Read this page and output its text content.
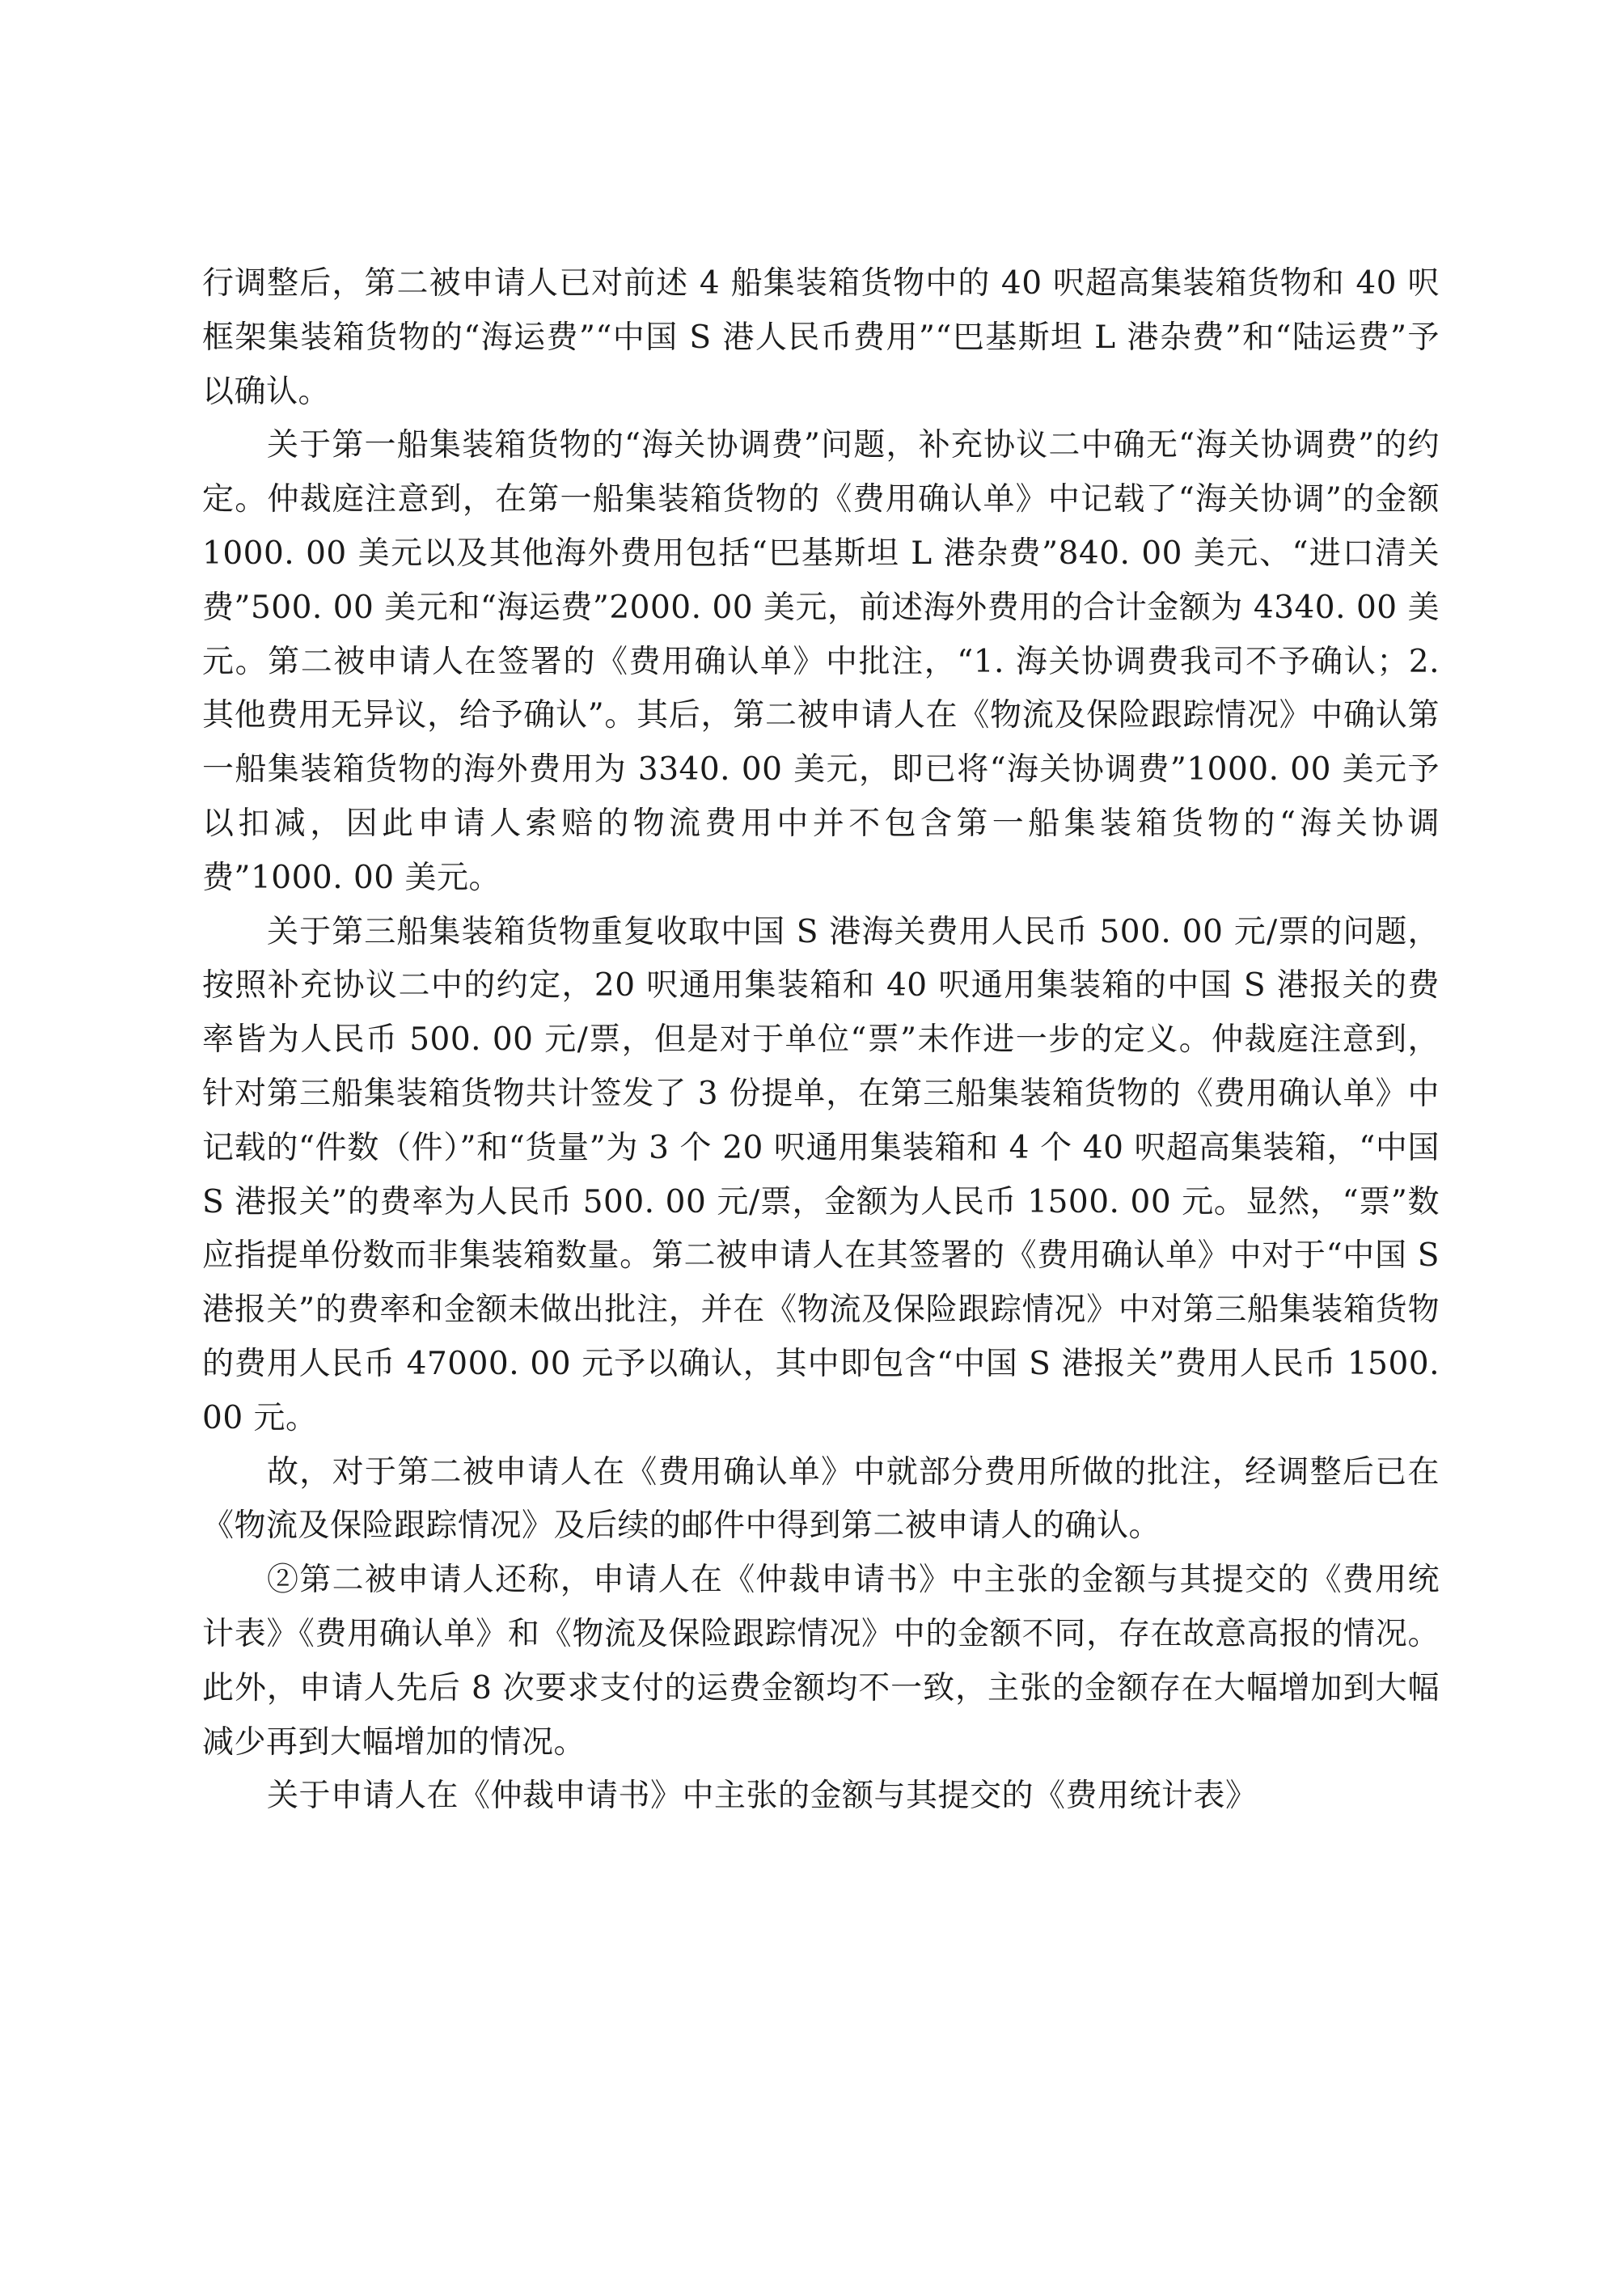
行调整后，第二被申请人已对前述 4 船集装箱货物中的 40 呎超高集装箱货物和 40 呎框架集装箱货物的“海运费”“中国 S 港人民币费用”“巴基斯坦 L 港杂费”和“陆运费”予以确认。

关于第一船集装箱货物的“海关协调费”问题，补充协议二中确无“海关协调费”的约定。仲裁庭注意到，在第一船集装箱货物的《费用确认单》中记载了“海关协调”的金额 1000. 00 美元以及其他海外费用包括“巴基斯坦 L 港杂费”840. 00 美元、“进口清关费”500. 00 美元和“海运费”2000. 00 美元，前述海外费用的合计金额为 4340. 00 美元。第二被申请人在签署的《费用确认单》中批注，“1. 海关协调费我司不予确认；2. 其他费用无异议，给予确认”。其后，第二被申请人在《物流及保险跟踪情况》中确认第一船集装箱货物的海外费用为 3340. 00 美元，即已将“海关协调费”1000. 00 美元予以扣减，因此申请人索赔的物流费用中并不包含第一船集装箱货物的“海关协调费”1000. 00 美元。

关于第三船集装箱货物重复收取中国 S 港海关费用人民币 500. 00 元/票的问题，按照补充协议二中的约定，20 呎通用集装箱和 40 呎通用集装箱的中国 S 港报关的费率皆为人民币 500. 00 元/票，但是对于单位“票”未作进一步的定义。仲裁庭注意到，针对第三船集装箱货物共计签发了 3 份提单，在第三船集装箱货物的《费用确认单》中记载的“件数（件）”和“货量”为 3 个 20 呎通用集装箱和 4 个 40 呎超高集装箱，“中国 S 港报关”的费率为人民币 500. 00 元/票，金额为人民币 1500. 00 元。显然，“票”数应指提单份数而非集装箱数量。第二被申请人在其签署的《费用确认单》中对于“中国 S 港报关”的费率和金额未做出批注，并在《物流及保险跟踪情况》中对第三船集装箱货物的费用人民币 47000. 00 元予以确认，其中即包含“中国 S 港报关”费用人民币 1500. 00 元。

故，对于第二被申请人在《费用确认单》中就部分费用所做的批注，经调整后已在《物流及保险跟踪情况》及后续的邮件中得到第二被申请人的确认。

②第二被申请人还称，申请人在《仲裁申请书》中主张的金额与其提交的《费用统计表》《费用确认单》和《物流及保险跟踪情况》中的金额不同，存在故意高报的情况。此外，申请人先后 8 次要求支付的运费金额均不一致，主张的金额存在大幅增加到大幅减少再到大幅增加的情况。

关于申请人在《仲裁申请书》中主张的金额与其提交的《费用统计表》
